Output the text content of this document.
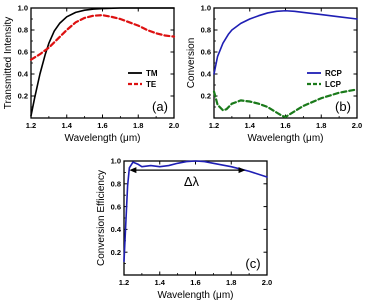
1.2	1.4	1.6	1.8	2.0
0.2
0.4
0.6
0.8
1.0
Wavelength (μm)
Transmitted Intensity	TM
TE
(a)
1.2	1.4	1.6	1.8	2.0
0.2
0.4
0.6
0.8
1.0
Wavelength (μm)
Conversion	RCP
LCP
(b)
1.2	1.4	1.6	1.8	2.0
0.2
0.4
0.6
0.8
1.0
Wavelength (μm)
Conversion Efficiency	(c)
Δλ
